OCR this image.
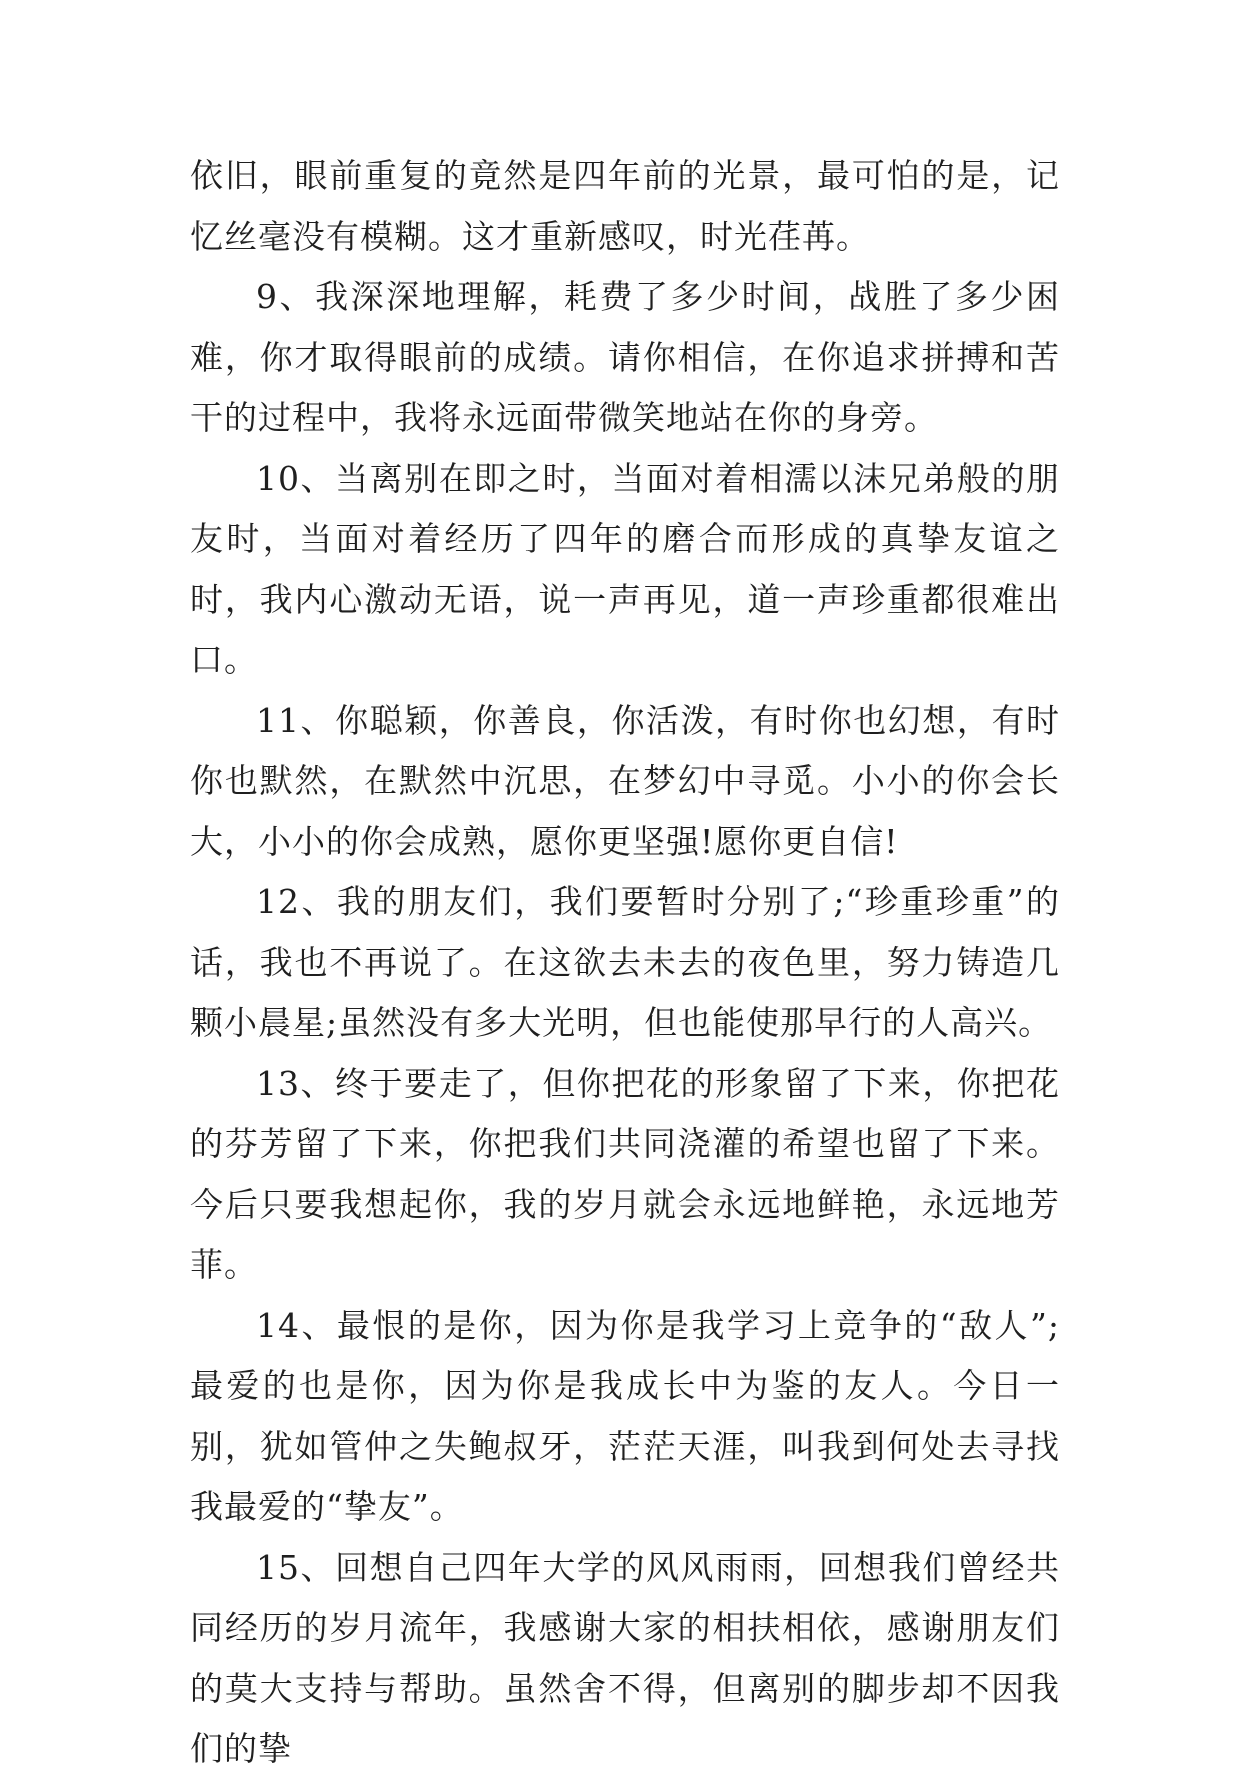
依旧，眼前重复的竟然是四年前的光景，最可怕的是，记忆丝毫没有模糊。这才重新感叹，时光荏苒。

9、我深深地理解，耗费了多少时间，战胜了多少困难，你才取得眼前的成绩。请你相信，在你追求拼搏和苦干的过程中，我将永远面带微笑地站在你的身旁。

10、当离别在即之时，当面对着相濡以沫兄弟般的朋友时，当面对着经历了四年的磨合而形成的真挚友谊之时，我内心激动无语，说一声再见，道一声珍重都很难出口。

11、你聪颖，你善良，你活泼，有时你也幻想，有时你也默然，在默然中沉思，在梦幻中寻觅。小小的你会长大，小小的你会成熟，愿你更坚强!愿你更自信!

12、我的朋友们，我们要暂时分别了;“珍重珍重”的话，我也不再说了。在这欲去未去的夜色里，努力铸造几颗小晨星;虽然没有多大光明，但也能使那早行的人高兴。

13、终于要走了，但你把花的形象留了下来，你把花的芬芳留了下来，你把我们共同浇灌的希望也留了下来。今后只要我想起你，我的岁月就会永远地鲜艳，永远地芳菲。

14、最恨的是你，因为你是我学习上竞争的“敌人”;最爱的也是你，因为你是我成长中为鉴的友人。今日一别，犹如管仲之失鲍叔牙，茫茫天涯，叫我到何处去寻找我最爱的“挚友”。

15、回想自己四年大学的风风雨雨，回想我们曾经共同经历的岁月流年，我感谢大家的相扶相依，感谢朋友们的莫大支持与帮助。虽然舍不得，但离别的脚步却不因我们的挚
